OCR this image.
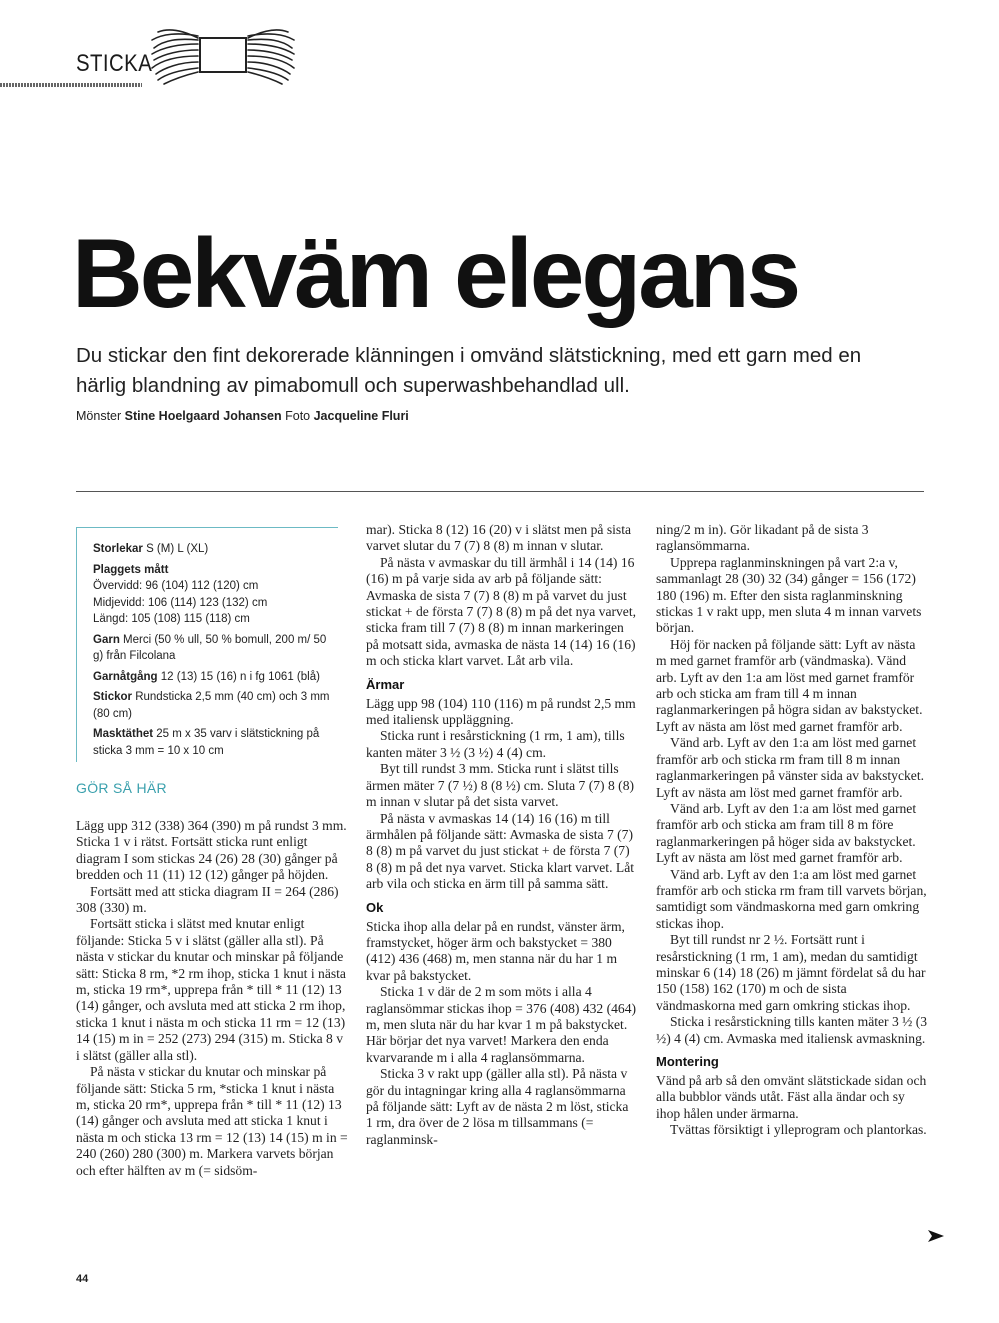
STICKA
Bekväm elegans

Du stickar den fint dekorerade klänningen i omvänd slätstickning, med ett garn med en härlig blandning av pimabomull och superwashbehandlad ull.

Mönster Stine Hoelgaard Johansen Foto Jacqueline Fluri
Storlekar S (M) L (XL)
Plaggets mått
Övervidd: 96 (104) 112 (120) cm
Midjevidd: 106 (114) 123 (132) cm
Längd: 105 (108) 115 (118) cm
Garn Merci (50 % ull, 50 % bomull, 200 m/ 50 g) från Filcolana
Garnåtgång 12 (13) 15 (16) n i fg 1061 (blå)
Stickor Rundsticka 2,5 mm (40 cm) och 3 mm (80 cm)
Masktäthet 25 m x 35 varv i slätstickning på sticka 3 mm = 10 x 10 cm
GÖR SÅ HÄR

Lägg upp 312 (338) 364 (390) m på rundst 3 mm. Sticka 1 v i rätst. Fortsätt sticka runt enligt diagram I som stickas 24 (26) 28 (30) gånger på bredden och 11 (11) 12 (12) gånger på höjden.

Fortsätt med att sticka diagram II = 264 (286) 308 (330) m.

Fortsätt sticka i slätst med knutar enligt följande: Sticka 5 v i slätst (gäller alla stl). På nästa v stickar du knutar och minskar på följande sätt: Sticka 8 rm, *2 rm ihop, sticka 1 knut i nästa m, sticka 19 rm*, upprepa från * till * 11 (12) 13 (14) gånger, och avsluta med att sticka 2 rm ihop, sticka 1 knut i nästa m och sticka 11 rm = 12 (13) 14 (15) m in = 252 (273) 294 (315) m. Sticka 8 v i slätst (gäller alla stl).

På nästa v stickar du knutar och minskar på följande sätt: Sticka 5 rm, *sticka 1 knut i nästa m, sticka 20 rm*, upprepa från * till * 11 (12) 13 (14) gånger och avsluta med att sticka 1 knut i nästa m och sticka 13 rm = 12 (13) 14 (15) m in = 240 (260) 280 (300) m. Markera varvets början och efter hälften av m (= sidsöm-

mar). Sticka 8 (12) 16 (20) v i slätst men på sista varvet slutar du 7 (7) 8 (8) m innan v slutar.

På nästa v avmaskar du till ärmhål i 14 (14) 16 (16) m på varje sida av arb på följande sätt: Avmaska de sista 7 (7) 8 (8) m på varvet du just stickat + de första 7 (7) 8 (8) m på det nya varvet, sticka fram till 7 (7) 8 (8) m innan markeringen på motsatt sida, avmaska de nästa 14 (14) 16 (16) m och sticka klart varvet. Låt arb vila.

Ärmar

Lägg upp 98 (104) 110 (116) m på rundst 2,5 mm med italiensk uppläggning.

Sticka runt i resårstickning (1 rm, 1 am), tills kanten mäter 3 ½ (3 ½) 4 (4) cm.

Byt till rundst 3 mm. Sticka runt i slätst tills ärmen mäter 7 (7 ½) 8 (8 ½) cm. Sluta 7 (7) 8 (8) m innan v slutar på det sista varvet.

På nästa v avmaskas 14 (14) 16 (16) m till ärmhålen på följande sätt: Avmaska de sista 7 (7) 8 (8) m på varvet du just stickat + de första 7 (7) 8 (8) m på det nya varvet. Sticka klart varvet. Låt arb vila och sticka en ärm till på samma sätt.

Ok

Sticka ihop alla delar på en rundst, vänster ärm, framstycket, höger ärm och bakstycket = 380 (412) 436 (468) m, men stanna när du har 1 m kvar på bakstycket.

Sticka 1 v där de 2 m som möts i alla 4 raglansömmar stickas ihop = 376 (408) 432 (464) m, men sluta när du har kvar 1 m på bakstycket. Här börjar det nya varvet! Markera den enda kvarvarande m i alla 4 raglansömmarna.

Sticka 3 v rakt upp (gäller alla stl). På nästa v gör du intagningar kring alla 4 raglansömmarna på följande sätt: Lyft av de nästa 2 m löst, sticka 1 rm, dra över de 2 lösa m tillsammans (= raglanminsk-

ning/2 m in). Gör likadant på de sista 3 raglansömmarna.

Upprepa raglanminskningen på vart 2:a v, sammanlagt 28 (30) 32 (34) gånger = 156 (172) 180 (196) m. Efter den sista raglanminskning stickas 1 v rakt upp, men sluta 4 m innan varvets början.

Höj för nacken på följande sätt: Lyft av nästa m med garnet framför arb (vändmaska). Vänd arb. Lyft av den 1:a am löst med garnet framför arb och sticka am fram till 4 m innan raglanmarkeringen på högra sidan av bakstycket. Lyft av nästa am löst med garnet framför arb.

Vänd arb. Lyft av den 1:a am löst med garnet framför arb och sticka rm fram till 8 m innan raglanmarkeringen på vänster sida av bakstycket. Lyft av nästa am löst med garnet framför arb.

Vänd arb. Lyft av den 1:a am löst med garnet framför arb och sticka am fram till 8 m före raglanmarkeringen på höger sida av bakstycket. Lyft av nästa am löst med garnet framför arb.

Vänd arb. Lyft av den 1:a am löst med garnet framför arb och sticka rm fram till varvets början, samtidigt som vändmaskorna med garn omkring stickas ihop.

Byt till rundst nr 2 ½. Fortsätt runt i resårstickning (1 rm, 1 am), medan du samtidigt minskar 6 (14) 18 (26) m jämnt fördelat så du har 150 (158) 162 (170) m och de sista vändmaskorna med garn omkring stickas ihop.

Sticka i resårstickning tills kanten mäter 3 ½ (3 ½) 4 (4) cm. Avmaska med italiensk avmaskning.

Montering

Vänd på arb så den omvänt slätstickade sidan och alla bubblor vänds utåt. Fäst alla ändar och sy ihop hålen under ärmarna.

Tvättas försiktigt i ylleprogram och plantorkas.

44
